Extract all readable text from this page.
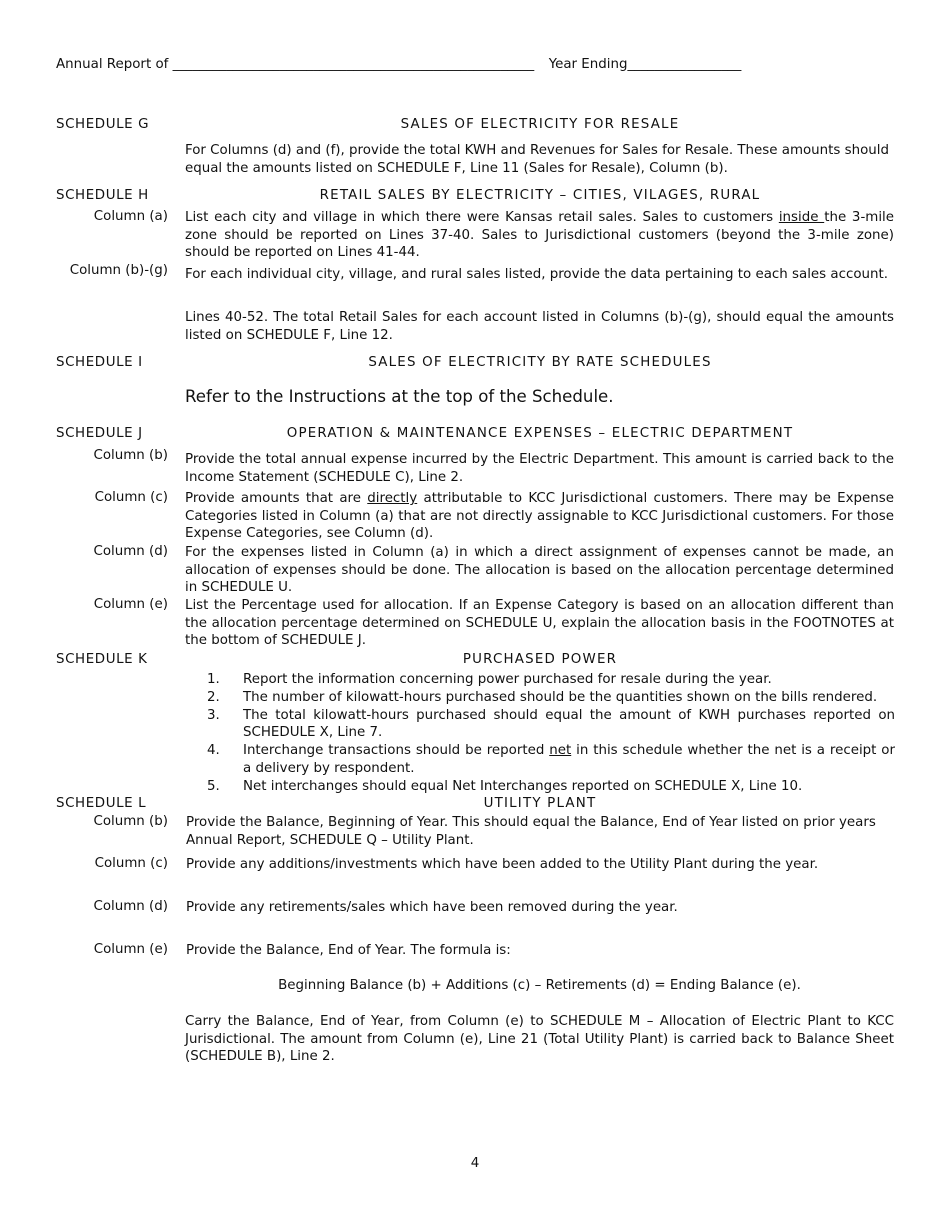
Annual Report of ______________________________________________________ Year Ending_________________
SCHEDULE G	SALES OF ELECTRICITY FOR RESALE
For Columns (d) and (f), provide the total KWH and Revenues for Sales for Resale. These amounts should equal the amounts listed on SCHEDULE F, Line 11 (Sales for Resale), Column (b).
SCHEDULE H	RETAIL SALES BY ELECTRICITY – CITIES, VILAGES, RURAL
Column (a) List each city and village in which there were Kansas retail sales. Sales to customers inside the 3-mile zone should be reported on Lines 37-40. Sales to Jurisdictional customers (beyond the 3-mile zone) should be reported on Lines 41-44.
Column (b)-(g) For each individual city, village, and rural sales listed, provide the data pertaining to each sales account.
Lines 40-52. The total Retail Sales for each account listed in Columns (b)-(g), should equal the amounts listed on SCHEDULE F, Line 12.
SCHEDULE I	SALES OF ELECTRICITY BY RATE SCHEDULES
Refer to the Instructions at the top of the Schedule.
SCHEDULE J	OPERATION & MAINTENANCE EXPENSES – ELECTRIC DEPARTMENT
Column (b) Provide the total annual expense incurred by the Electric Department. This amount is carried back to the Income Statement (SCHEDULE C), Line 2.
Column (c) Provide amounts that are directly attributable to KCC Jurisdictional customers. There may be Expense Categories listed in Column (a) that are not directly assignable to KCC Jurisdictional customers. For those Expense Categories, see Column (d).
Column (d) For the expenses listed in Column (a) in which a direct assignment of expenses cannot be made, an allocation of expenses should be done. The allocation is based on the allocation percentage determined in SCHEDULE U.
Column (e) List the Percentage used for allocation. If an Expense Category is based on an allocation different than the allocation percentage determined on SCHEDULE U, explain the allocation basis in the FOOTNOTES at the bottom of SCHEDULE J.
SCHEDULE K	PURCHASED POWER
1. Report the information concerning power purchased for resale during the year.
2. The number of kilowatt-hours purchased should be the quantities shown on the bills rendered.
3. The total kilowatt-hours purchased should equal the amount of KWH purchases reported on SCHEDULE X, Line 7.
4. Interchange transactions should be reported net in this schedule whether the net is a receipt or a delivery by respondent.
5. Net interchanges should equal Net Interchanges reported on SCHEDULE X, Line 10.
SCHEDULE L	UTILITY PLANT
Column (b) Provide the Balance, Beginning of Year. This should equal the Balance, End of Year listed on prior years Annual Report, SCHEDULE Q – Utility Plant.
Column (c) Provide any additions/investments which have been added to the Utility Plant during the year.
Column (d) Provide any retirements/sales which have been removed during the year.
Column (e) Provide the Balance, End of Year. The formula is:
Beginning Balance (b) + Additions (c) – Retirements (d) = Ending Balance (e).
Carry the Balance, End of Year, from Column (e) to SCHEDULE M – Allocation of Electric Plant to KCC Jurisdictional. The amount from Column (e), Line 21 (Total Utility Plant) is carried back to Balance Sheet (SCHEDULE B), Line 2.
4
